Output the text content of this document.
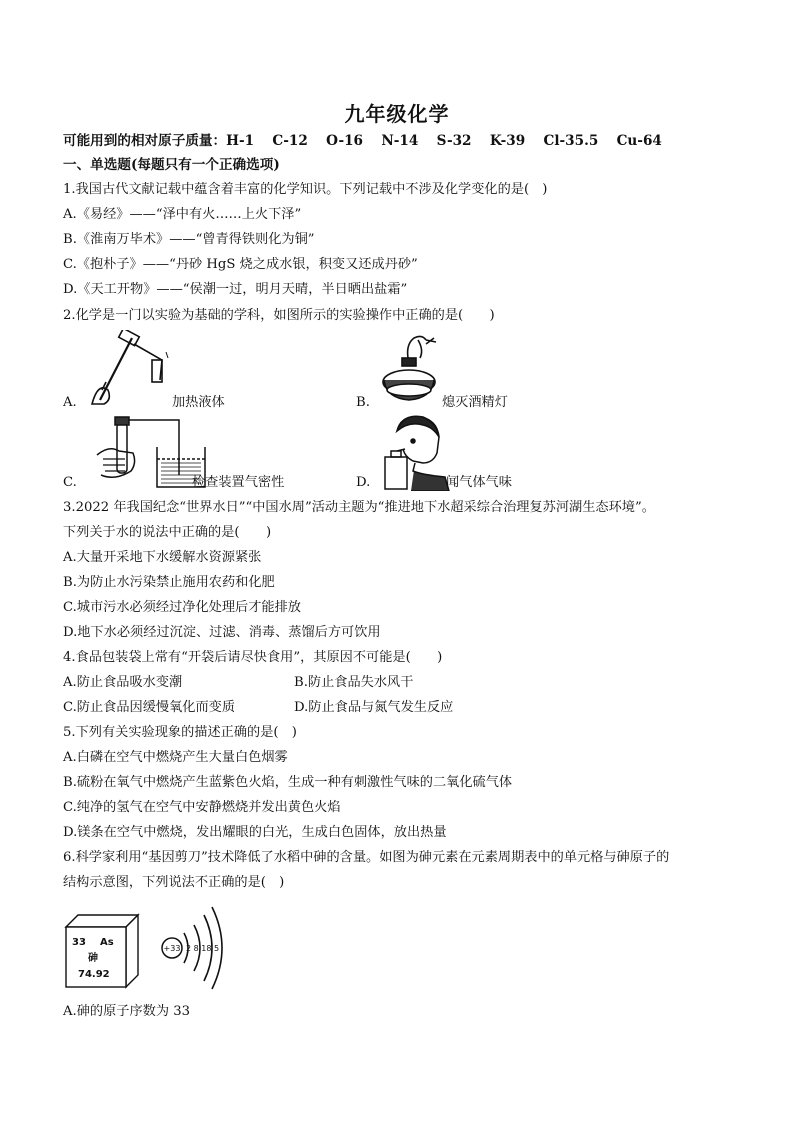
九年级化学
可能用到的相对原子质量：H-1　 C-12　 O-16　 N-14　 S-32　 K-39　 Cl-35.5　 Cu-64
一、单选题(每题只有一个正确选项)
1.我国古代文献记载中蕴含着丰富的化学知识。下列记载中不涉及化学变化的是(　)
A.《易经》——“泽中有火……上火下泽”
B.《淮南万毕术》——“曾青得铁则化为铜”
C.《抱朴子》——“丹砂 HgS 烧之成水银，积变又还成丹砂”
D.《天工开物》——“侯潮一过，明月天晴，半日晒出盐霜”
2.化学是一门以实验为基础的学科，如图所示的实验操作中正确的是(　　)
A.	加热液体	B.	熄灭酒精灯
C.	检查装置气密性	D.	闻气体气味
3.2022 年我国纪念“世界水日”“中国水周”活动主题为“推进地下水超采综合治理复苏河湖生态环境”。
下列关于水的说法中正确的是(　　)
A.大量开采地下水缓解水资源紧张
B.为防止水污染禁止施用农药和化肥
C.城市污水必须经过净化处理后才能排放
D.地下水必须经过沉淀、过滤、消毒、蒸馏后方可饮用
4.食品包装袋上常有“开袋后请尽快食用”，其原因不可能是(　　)
A.防止食品吸水变潮	B.防止食品失水风干
C.防止食品因缓慢氧化而变质	D.防止食品与氮气发生反应
5.下列有关实验现象的描述正确的是(　)
A.白磷在空气中燃烧产生大量白色烟雾
B.硫粉在氧气中燃烧产生蓝紫色火焰，生成一种有刺激性气味的二氧化硫气体
C.纯净的氢气在空气中安静燃烧并发出黄色火焰
D.镁条在空气中燃烧，发出耀眼的白光，生成白色固体，放出热量
6.科学家利用“基因剪刀”技术降低了水稻中砷的含量。如图为砷元素在元素周期表中的单元格与砷原子的
结构示意图，下列说法不正确的是(　)
33 As
砷
74.92
+33 2 8 18 5
A.砷的原子序数为 33
